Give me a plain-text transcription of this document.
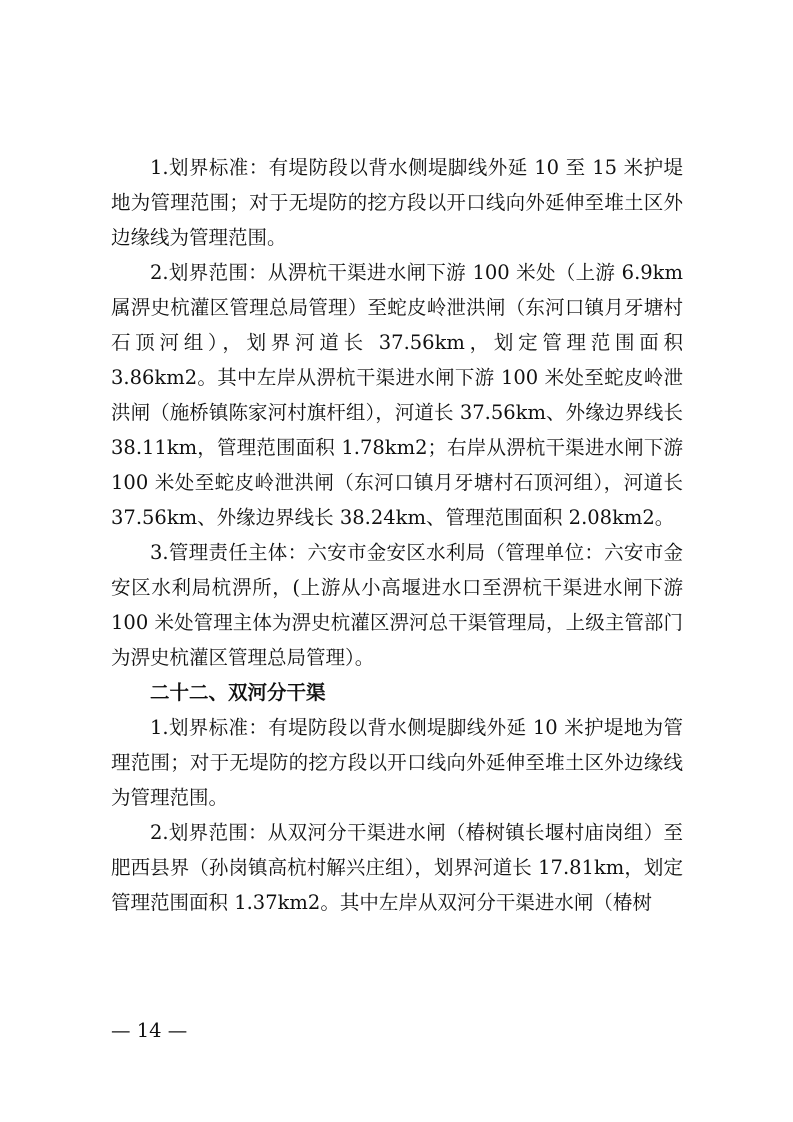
1.划界标准：有堤防段以背水侧堤脚线外延 10 至 15 米护堤地为管理范围；对于无堤防的挖方段以开口线向外延伸至堆土区外边缘线为管理范围。

2.划界范围：从淠杭干渠进水闸下游 100 米处（上游 6.9km 属淠史杭灌区管理总局管理）至蛇皮岭泄洪闸（东河口镇月牙塘村石顶河组），划界河道长 37.56km，划定管理范围面积 3.86km2。其中左岸从淠杭干渠进水闸下游 100 米处至蛇皮岭泄洪闸（施桥镇陈家河村旗杆组），河道长 37.56km、外缘边界线长 38.11km，管理范围面积 1.78km2；右岸从淠杭干渠进水闸下游 100 米处至蛇皮岭泄洪闸（东河口镇月牙塘村石顶河组），河道长 37.56km、外缘边界线长 38.24km、管理范围面积 2.08km2。

3.管理责任主体：六安市金安区水利局（管理单位：六安市金安区水利局杭淠所，(上游从小高堰进水口至淠杭干渠进水闸下游 100 米处管理主体为淠史杭灌区淠河总干渠管理局，上级主管部门为淠史杭灌区管理总局管理）。

二十二、双河分干渠

1.划界标准：有堤防段以背水侧堤脚线外延 10 米护堤地为管理范围；对于无堤防的挖方段以开口线向外延伸至堆土区外边缘线为管理范围。

2.划界范围：从双河分干渠进水闸（椿树镇长堰村庙岗组）至肥西县界（孙岗镇高杭村解兴庄组），划界河道长 17.81km，划定管理范围面积 1.37km2。其中左岸从双河分干渠进水闸（椿树

— 14 —
